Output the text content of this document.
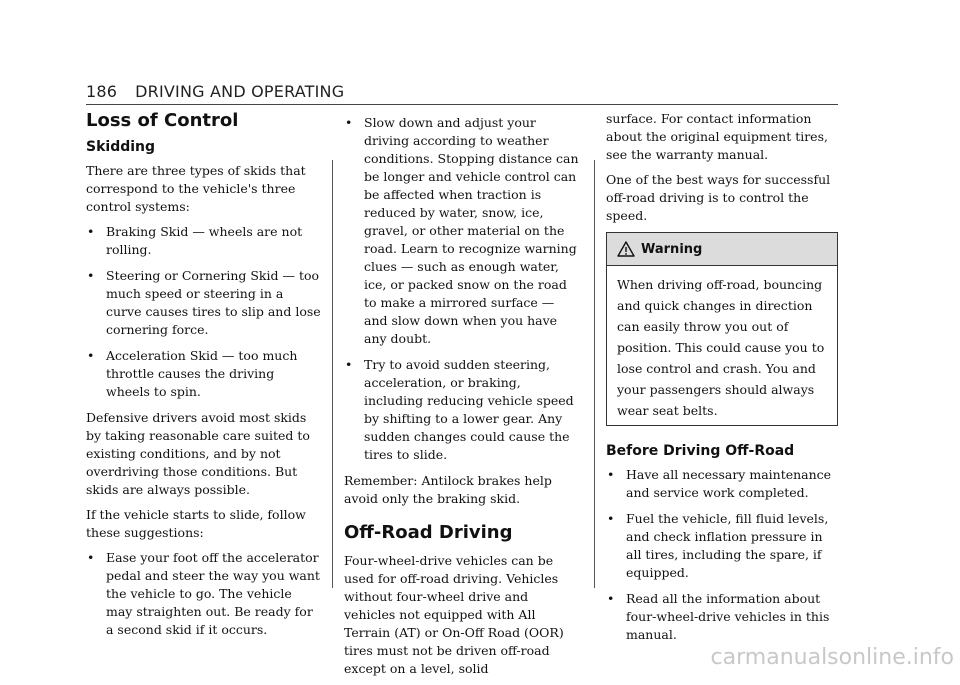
186 DRIVING AND OPERATING
Loss of Control
Skidding

There are three types of skids that correspond to the vehicle's three control systems:

• Braking Skid — wheels are not rolling.
• Steering or Cornering Skid — too much speed or steering in a curve causes tires to slip and lose cornering force.
• Acceleration Skid — too much throttle causes the driving wheels to spin.

Defensive drivers avoid most skids by taking reasonable care suited to existing conditions, and by not overdriving those conditions. But skids are always possible.

If the vehicle starts to slide, follow these suggestions:

• Ease your foot off the accelerator pedal and steer the way you want the vehicle to go. The vehicle may straighten out. Be ready for a second skid if it occurs.
• Slow down and adjust your driving according to weather conditions. Stopping distance can be longer and vehicle control can be affected when traction is reduced by water, snow, ice, gravel, or other material on the road. Learn to recognize warning clues — such as enough water, ice, or packed snow on the road to make a mirrored surface — and slow down when you have any doubt.
• Try to avoid sudden steering, acceleration, or braking, including reducing vehicle speed by shifting to a lower gear. Any sudden changes could cause the tires to slide.

Remember: Antilock brakes help avoid only the braking skid.

Off-Road Driving

Four-wheel-drive vehicles can be used for off-road driving. Vehicles without four-wheel drive and vehicles not equipped with All Terrain (AT) or On-Off Road (OOR) tires must not be driven off-road except on a level, solid

surface. For contact information about the original equipment tires, see the warranty manual.

One of the best ways for successful off-road driving is to control the speed.

Warning
When driving off-road, bouncing and quick changes in direction can easily throw you out of position. This could cause you to lose control and crash. You and your passengers should always wear seat belts.
Before Driving Off-Road
• Have all necessary maintenance and service work completed.
• Fuel the vehicle, fill fluid levels, and check inflation pressure in all tires, including the spare, if equipped.
• Read all the information about four-wheel-drive vehicles in this manual.
carmanualsonline.info
